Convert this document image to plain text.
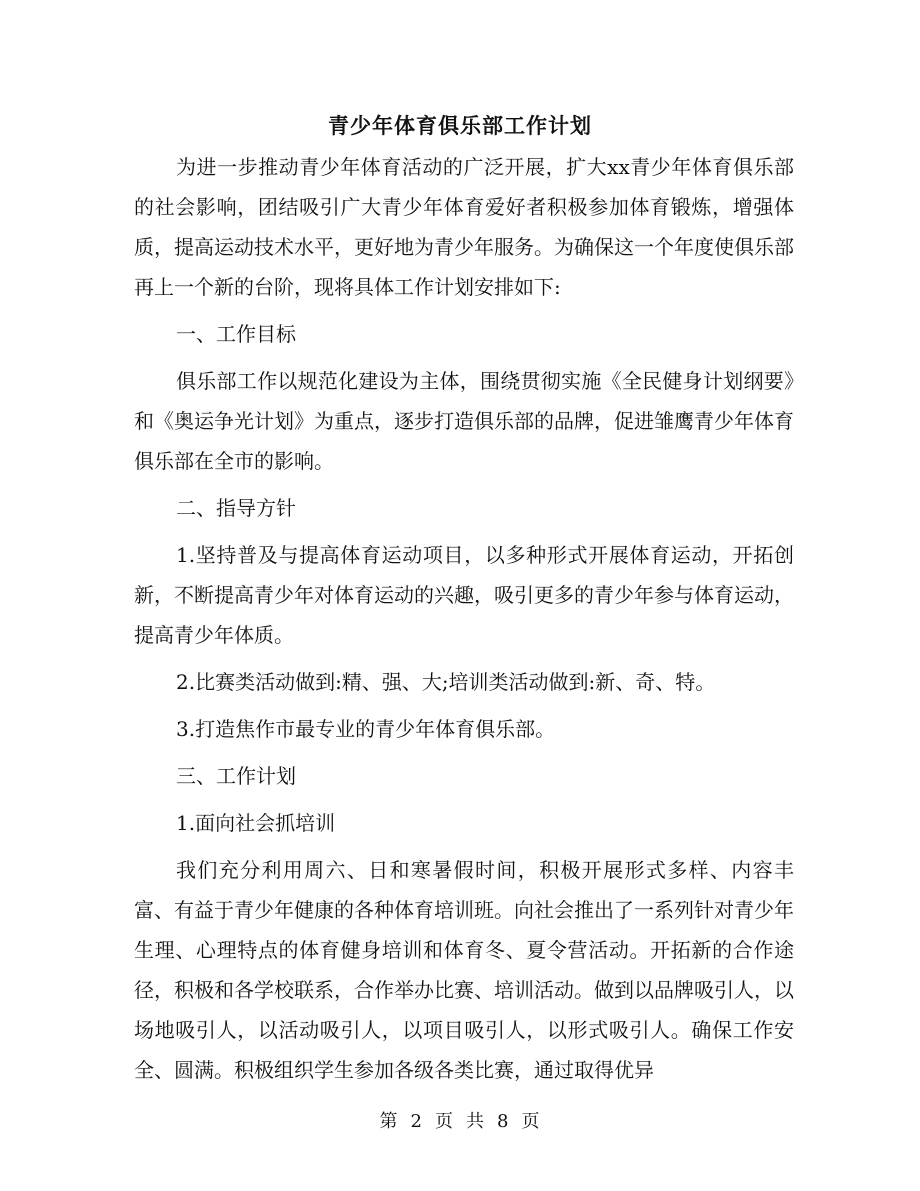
青少年体育俱乐部工作计划

为进一步推动青少年体育活动的广泛开展，扩大xx青少年体育俱乐部的社会影响，团结吸引广大青少年体育爱好者积极参加体育锻炼，增强体质，提高运动技术水平，更好地为青少年服务。为确保这一个年度使俱乐部再上一个新的台阶，现将具体工作计划安排如下:

一、工作目标

俱乐部工作以规范化建设为主体，围绕贯彻实施《全民健身计划纲要》和《奥运争光计划》为重点，逐步打造俱乐部的品牌，促进雏鹰青少年体育俱乐部在全市的影响。

二、指导方针

1.坚持普及与提高体育运动项目，以多种形式开展体育运动，开拓创新，不断提高青少年对体育运动的兴趣，吸引更多的青少年参与体育运动，提高青少年体质。

2.比赛类活动做到:精、强、大;培训类活动做到:新、奇、特。

3.打造焦作市最专业的青少年体育俱乐部。

三、工作计划

1.面向社会抓培训

我们充分利用周六、日和寒暑假时间，积极开展形式多样、内容丰富、有益于青少年健康的各种体育培训班。向社会推出了一系列针对青少年生理、心理特点的体育健身培训和体育冬、夏令营活动。开拓新的合作途径，积极和各学校联系，合作举办比赛、培训活动。做到以品牌吸引人，以场地吸引人，以活动吸引人，以项目吸引人，以形式吸引人。确保工作安全、圆满。积极组织学生参加各级各类比赛，通过取得优异

第 2 页 共 8 页
